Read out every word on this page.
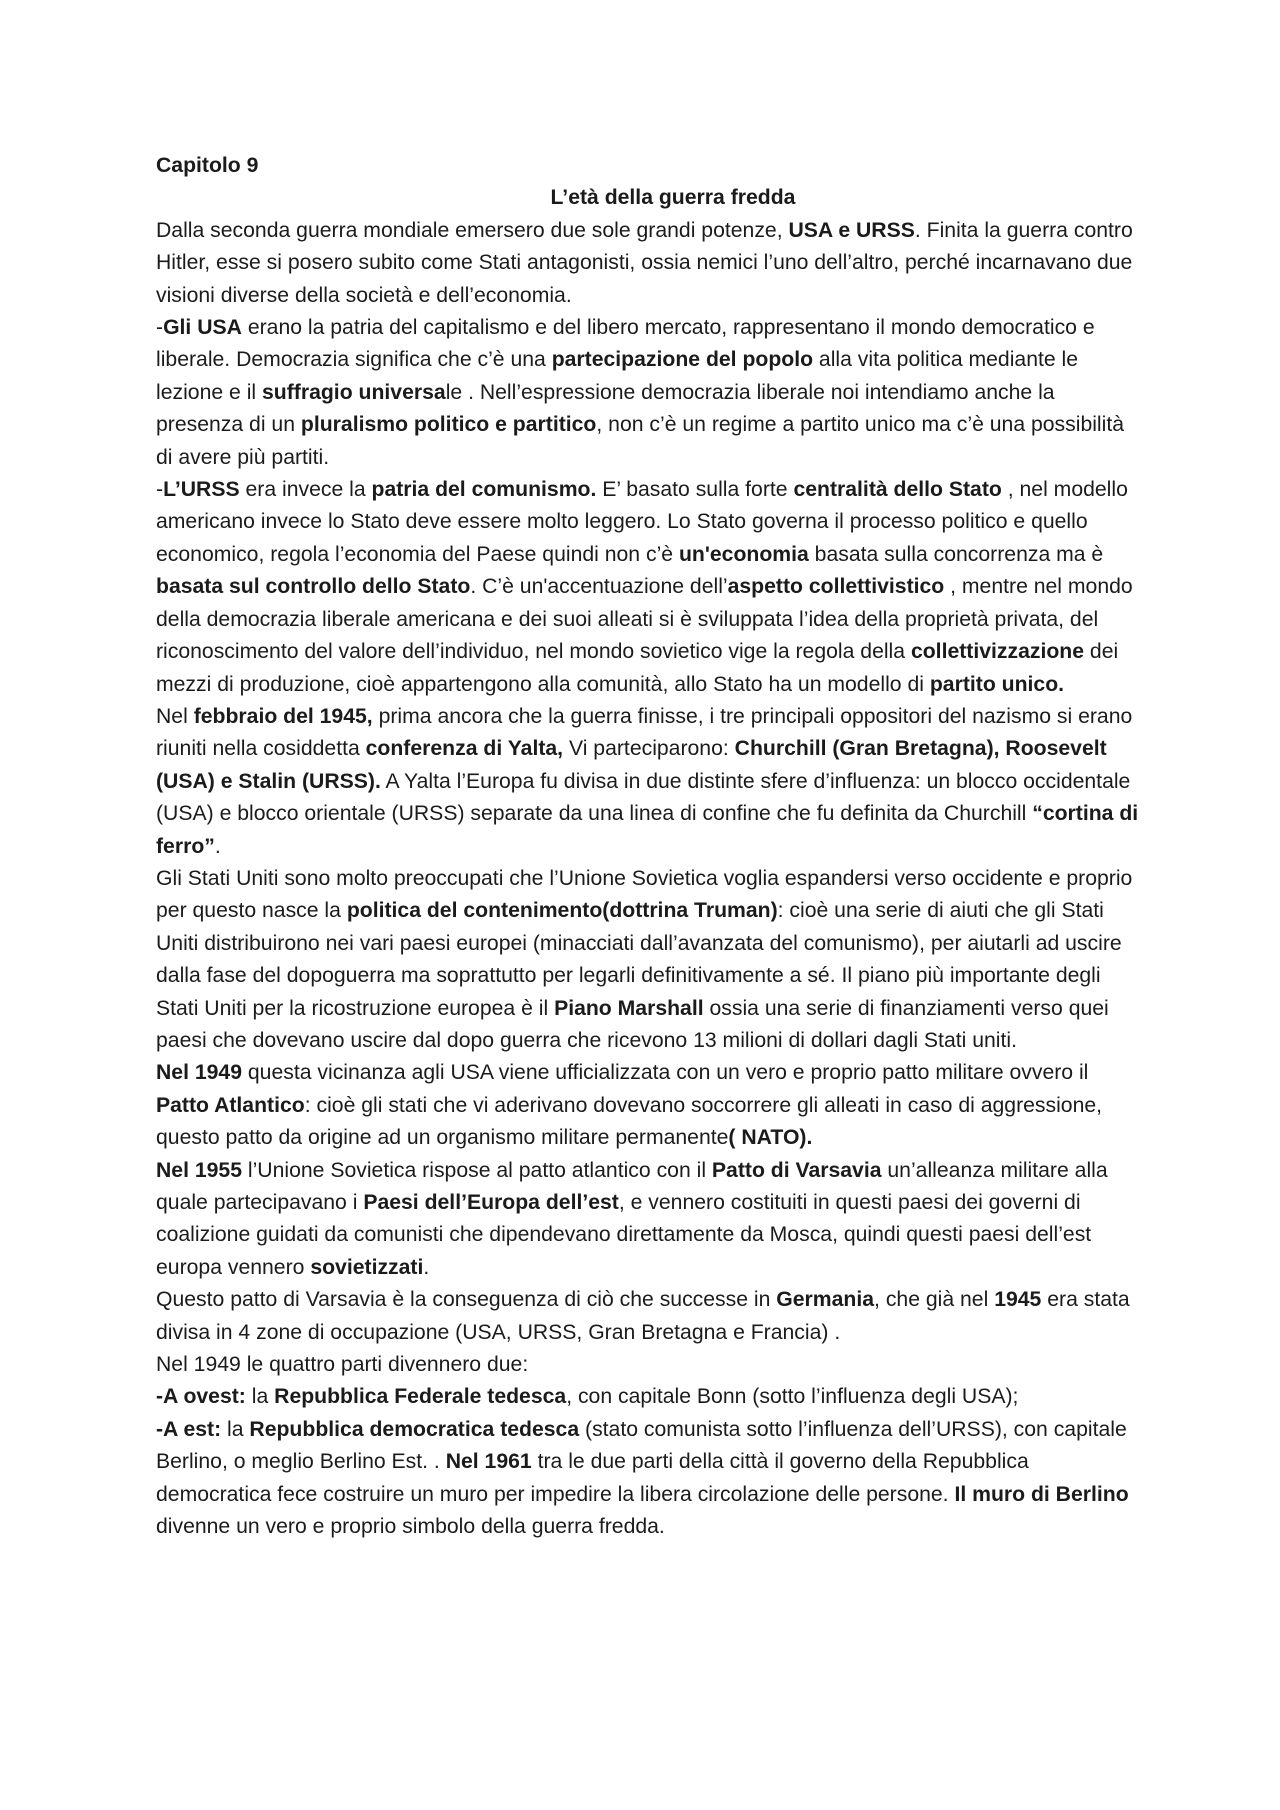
Capitolo 9

L’età della guerra fredda

Dalla seconda guerra mondiale emersero due sole grandi potenze, USA e URSS. Finita la guerra contro Hitler, esse si posero subito come Stati antagonisti, ossia nemici l’uno dell’altro, perché incarnavano due visioni diverse della società e dell’economia.

-Gli USA erano la patria del capitalismo e del libero mercato, rappresentano il mondo democratico e liberale. Democrazia significa che c’è una partecipazione del popolo alla vita politica mediante le lezione e il suffragio universale . Nell’espressione democrazia liberale noi intendiamo anche la presenza di un pluralismo politico e partitico, non c’è un regime a partito unico ma c’è una possibilità di avere più partiti.

-L’URSS era invece la patria del comunismo. E’ basato sulla forte centralità dello Stato , nel modello americano invece lo Stato deve essere molto leggero. Lo Stato governa il processo politico e quello economico, regola l’economia del Paese quindi non c’è un'economia basata sulla concorrenza ma è basata sul controllo dello Stato. C’è un'accentuazione dell’aspetto collettivistico , mentre nel mondo della democrazia liberale americana e dei suoi alleati si è sviluppata l’idea della proprietà privata, del riconoscimento del valore dell’individuo, nel mondo sovietico vige la regola della collettivizzazione dei mezzi di produzione, cioè appartengono alla comunità, allo Stato ha un modello di partito unico.

Nel febbraio del 1945, prima ancora che la guerra finisse, i tre principali oppositori del nazismo si erano riuniti nella cosiddetta conferenza di Yalta, Vi parteciparono: Churchill (Gran Bretagna), Roosevelt (USA) e Stalin (URSS). A Yalta l’Europa fu divisa in due distinte sfere d’influenza: un blocco occidentale (USA) e blocco orientale (URSS) separate da una linea di confine che fu definita da Churchill “cortina di ferro”.

Gli Stati Uniti sono molto preoccupati che l’Unione Sovietica voglia espandersi verso occidente e proprio per questo nasce la politica del contenimento(dottrina Truman): cioè una serie di aiuti che gli Stati Uniti distribuirono nei vari paesi europei (minacciati dall’avanzata del comunismo), per aiutarli ad uscire dalla fase del dopoguerra ma soprattutto per legarli definitivamente a sé. Il piano più importante degli Stati Uniti per la ricostruzione europea è il Piano Marshall ossia una serie di finanziamenti verso quei paesi che dovevano uscire dal dopo guerra che ricevono 13 milioni di dollari dagli Stati uniti.

Nel 1949 questa vicinanza agli USA viene ufficializzata con un vero e proprio patto militare ovvero il Patto Atlantico: cioè gli stati che vi aderivano dovevano soccorrere gli alleati in caso di aggressione, questo patto da origine ad un organismo militare permanente( NATO).

Nel 1955 l’Unione Sovietica rispose al patto atlantico con il Patto di Varsavia un’alleanza militare alla quale partecipavano i Paesi dell’Europa dell’est, e vennero costituiti in questi paesi dei governi di coalizione guidati da comunisti che dipendevano direttamente da Mosca, quindi questi paesi dell’est europa vennero sovietizzati.

Questo patto di Varsavia è la conseguenza di ciò che successe in Germania, che già nel 1945 era stata divisa in 4 zone di occupazione (USA, URSS, Gran Bretagna e Francia) .

Nel 1949 le quattro parti divennero due:

-A ovest: la Repubblica Federale tedesca, con capitale Bonn (sotto l’influenza degli USA);

-A est: la Repubblica democratica tedesca (stato comunista sotto l’influenza dell’URSS), con capitale Berlino, o meglio Berlino Est. . Nel 1961 tra le due parti della città il governo della Repubblica democratica fece costruire un muro per impedire la libera circolazione delle persone. Il muro di Berlino divenne un vero e proprio simbolo della guerra fredda.
